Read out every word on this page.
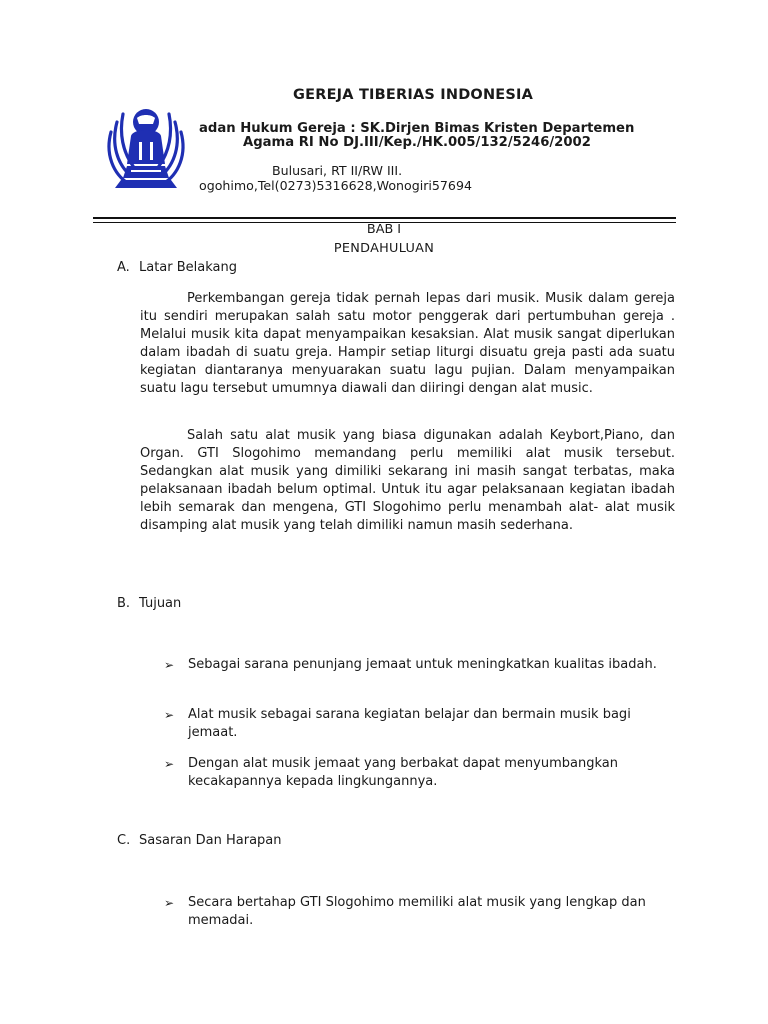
GEREJA TIBERIAS INDONESIA
adan Hukum Gereja : SK.Dirjen Bimas Kristen Departemen
Agama RI No DJ.III/Kep./HK.005/132/5246/2002
Bulusari, RT II/RW III.
ogohimo,Tel(0273)5316628,Wonogiri57694
BAB I
PENDAHULUAN
A. Latar Belakang

Perkembangan gereja tidak pernah lepas dari musik. Musik dalam gereja itu sendiri merupakan salah satu motor penggerak dari pertumbuhan gereja . Melalui musik kita dapat menyampaikan kesaksian. Alat musik sangat diperlukan dalam ibadah di suatu greja. Hampir setiap liturgi disuatu greja pasti ada suatu kegiatan diantaranya menyuarakan suatu lagu pujian. Dalam menyampaikan suatu lagu tersebut umumnya diawali dan diiringi dengan alat music.

Salah satu alat musik yang biasa digunakan adalah Keybort,Piano, dan Organ. GTI Slogohimo memandang perlu memiliki alat musik tersebut. Sedangkan alat musik yang dimiliki sekarang ini masih sangat terbatas, maka pelaksanaan ibadah belum optimal. Untuk itu agar pelaksanaan kegiatan ibadah lebih semarak dan mengena, GTI Slogohimo perlu menambah alat- alat musik disamping alat musik yang telah dimiliki namun masih sederhana.

B. Tujuan
➢ Sebagai sarana penunjang jemaat untuk meningkatkan kualitas ibadah.
➢ Alat musik sebagai sarana kegiatan belajar dan bermain musik bagi jemaat.
➢ Dengan alat musik jemaat yang berbakat dapat menyumbangkan kecakapannya kepada lingkungannya.
C. Sasaran Dan Harapan
➢ Secara bertahap GTI Slogohimo memiliki alat musik yang lengkap dan memadai.
